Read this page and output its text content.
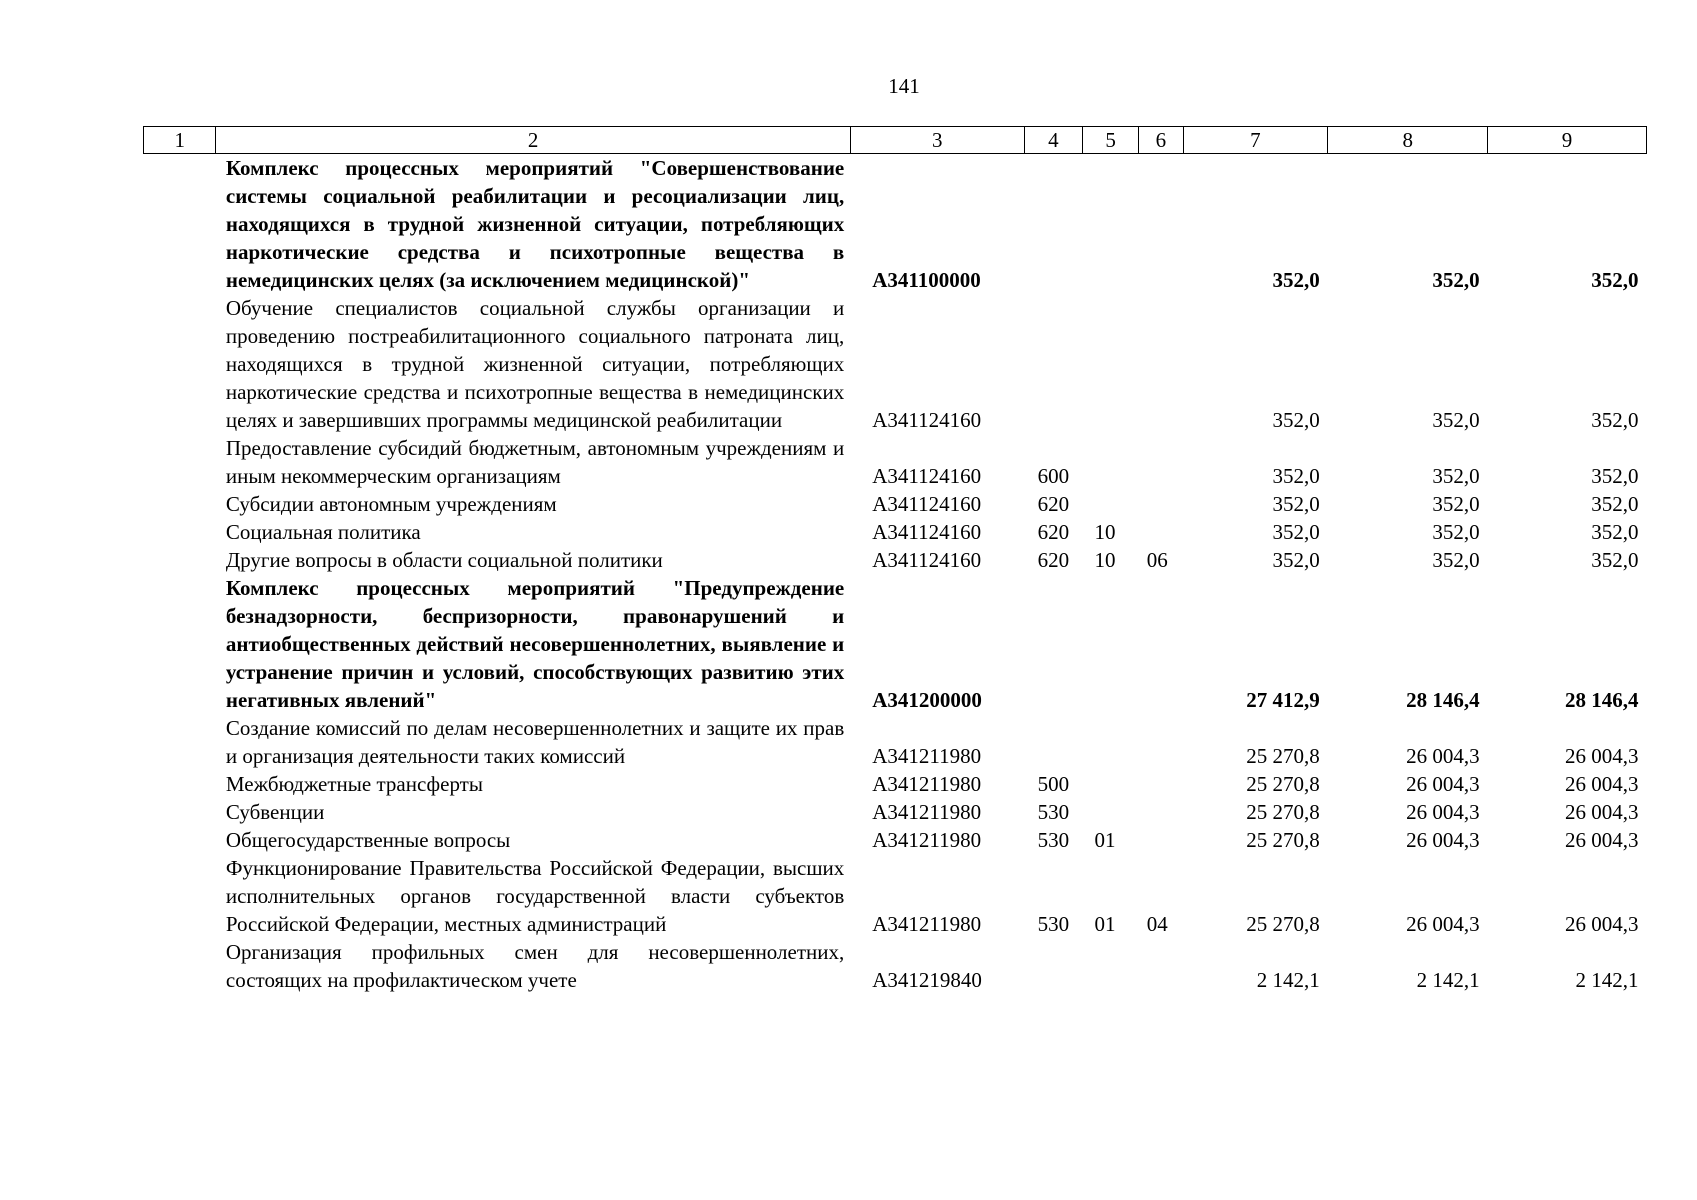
141
1	2	3	4	5	6	7	8	9
	Комплекс процессных мероприятий "Совершенствование системы социальной реабилитации и ресоциализации лиц, находящихся в трудной жизненной ситуации, потребляющих наркотические средства и психотропные вещества в немедицинских целях (за исключением медицинской)"	А341100000				352,0	352,0	352,0
	Обучение специалистов социальной службы организации и проведению постреабилитационного социального патроната лиц, находящихся в трудной жизненной ситуации, потребляющих наркотические средства и психотропные вещества в немедицинских целях и завершивших программы медицинской реабилитации	А341124160				352,0	352,0	352,0
	Предоставление субсидий бюджетным, автономным учреждениям и иным некоммерческим организациям	А341124160	600			352,0	352,0	352,0
	Субсидии автономным учреждениям	А341124160	620			352,0	352,0	352,0
	Социальная политика	А341124160	620	10		352,0	352,0	352,0
	Другие вопросы в области социальной политики	А341124160	620	10	06	352,0	352,0	352,0
	Комплекс процессных мероприятий "Предупреждение безнадзорности, беспризорности, правонарушений и антиобщественных действий несовершеннолетних, выявление и устранение причин и условий, способствующих развитию этих негативных явлений"	А341200000				27 412,9	28 146,4	28 146,4
	Создание комиссий по делам несовершеннолетних и защите их прав и организация деятельности таких комиссий	А341211980				25 270,8	26 004,3	26 004,3
	Межбюджетные трансферты	А341211980	500			25 270,8	26 004,3	26 004,3
	Субвенции	А341211980	530			25 270,8	26 004,3	26 004,3
	Общегосударственные вопросы	А341211980	530	01		25 270,8	26 004,3	26 004,3
	Функционирование Правительства Российской Федерации, высших исполнительных органов государственной власти субъектов Российской Федерации, местных администраций	А341211980	530	01	04	25 270,8	26 004,3	26 004,3
	Организация профильных смен для несовершеннолетних, состоящих на профилактическом учете	А341219840				2 142,1	2 142,1	2 142,1
